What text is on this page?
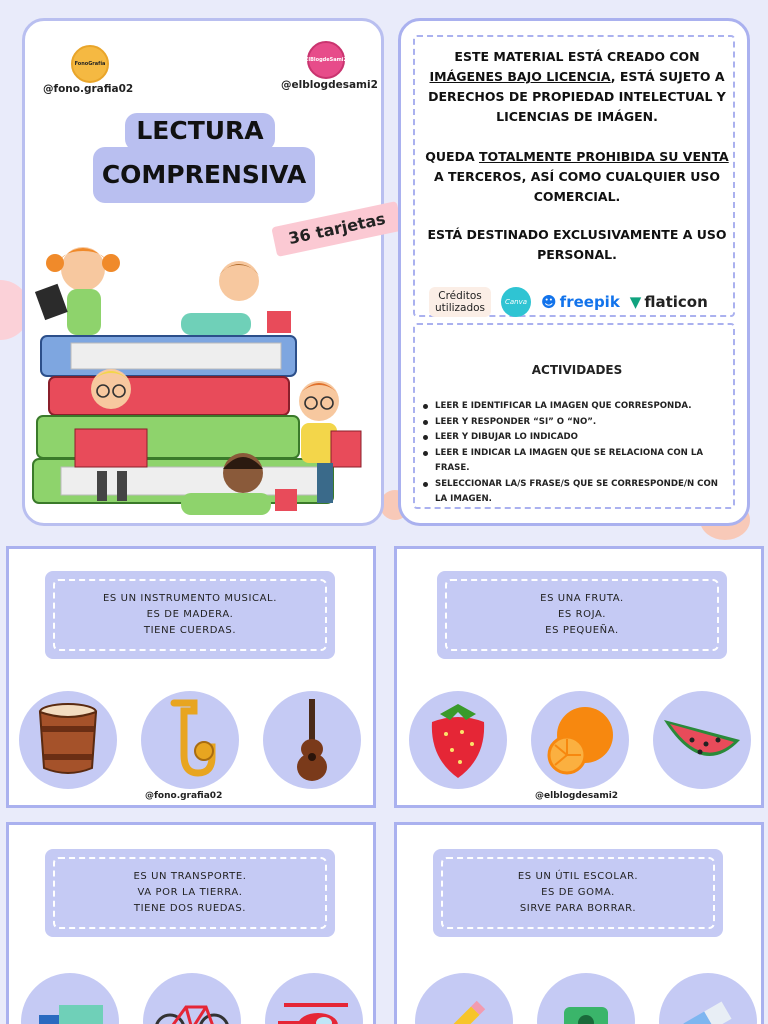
FonoGrafía
@fono.grafia02
ElBlogdeSami2
@elblogdesami2
LECTURA
COMPRENSIVA
36 tarjetas
ESTE MATERIAL ESTÁ CREADO CON
IMÁGENES BAJO LICENCIA, ESTÁ SUJETO A
DERECHOS DE PROPIEDAD INTELECTUAL Y
LICENCIAS DE IMÁGEN.
QUEDA TOTALMENTE PROHIBIDA SU VENTA
A TERCEROS, ASÍ COMO CUALQUIER USO
COMERCIAL.
ESTÁ DESTINADO EXCLUSIVAMENTE A USO
PERSONAL.
Créditos
utilizados	Canva ☻ freepik ▼ flaticon
ACTIVIDADES
LEER E IDENTIFICAR LA IMAGEN QUE CORRESPONDA.
LEER Y RESPONDER “SI” O “NO”.
LEER Y DIBUJAR LO INDICADO
LEER E INDICAR LA IMAGEN QUE SE RELACIONA CON LA FRASE.
SELECCIONAR LA/S FRASE/S QUE SE CORRESPONDE/N CON LA IMAGEN.
ES UN INSTRUMENTO MUSICAL.
ES DE MADERA.
TIENE CUERDAS.
@fono.grafia02
ES UNA FRUTA.
ES ROJA.
ES PEQUEÑA.
@elblogdesami2
ES UN TRANSPORTE.
VA POR LA TIERRA.
TIENE DOS RUEDAS.
ES UN ÚTIL ESCOLAR.
ES DE GOMA.
SIRVE PARA BORRAR.
